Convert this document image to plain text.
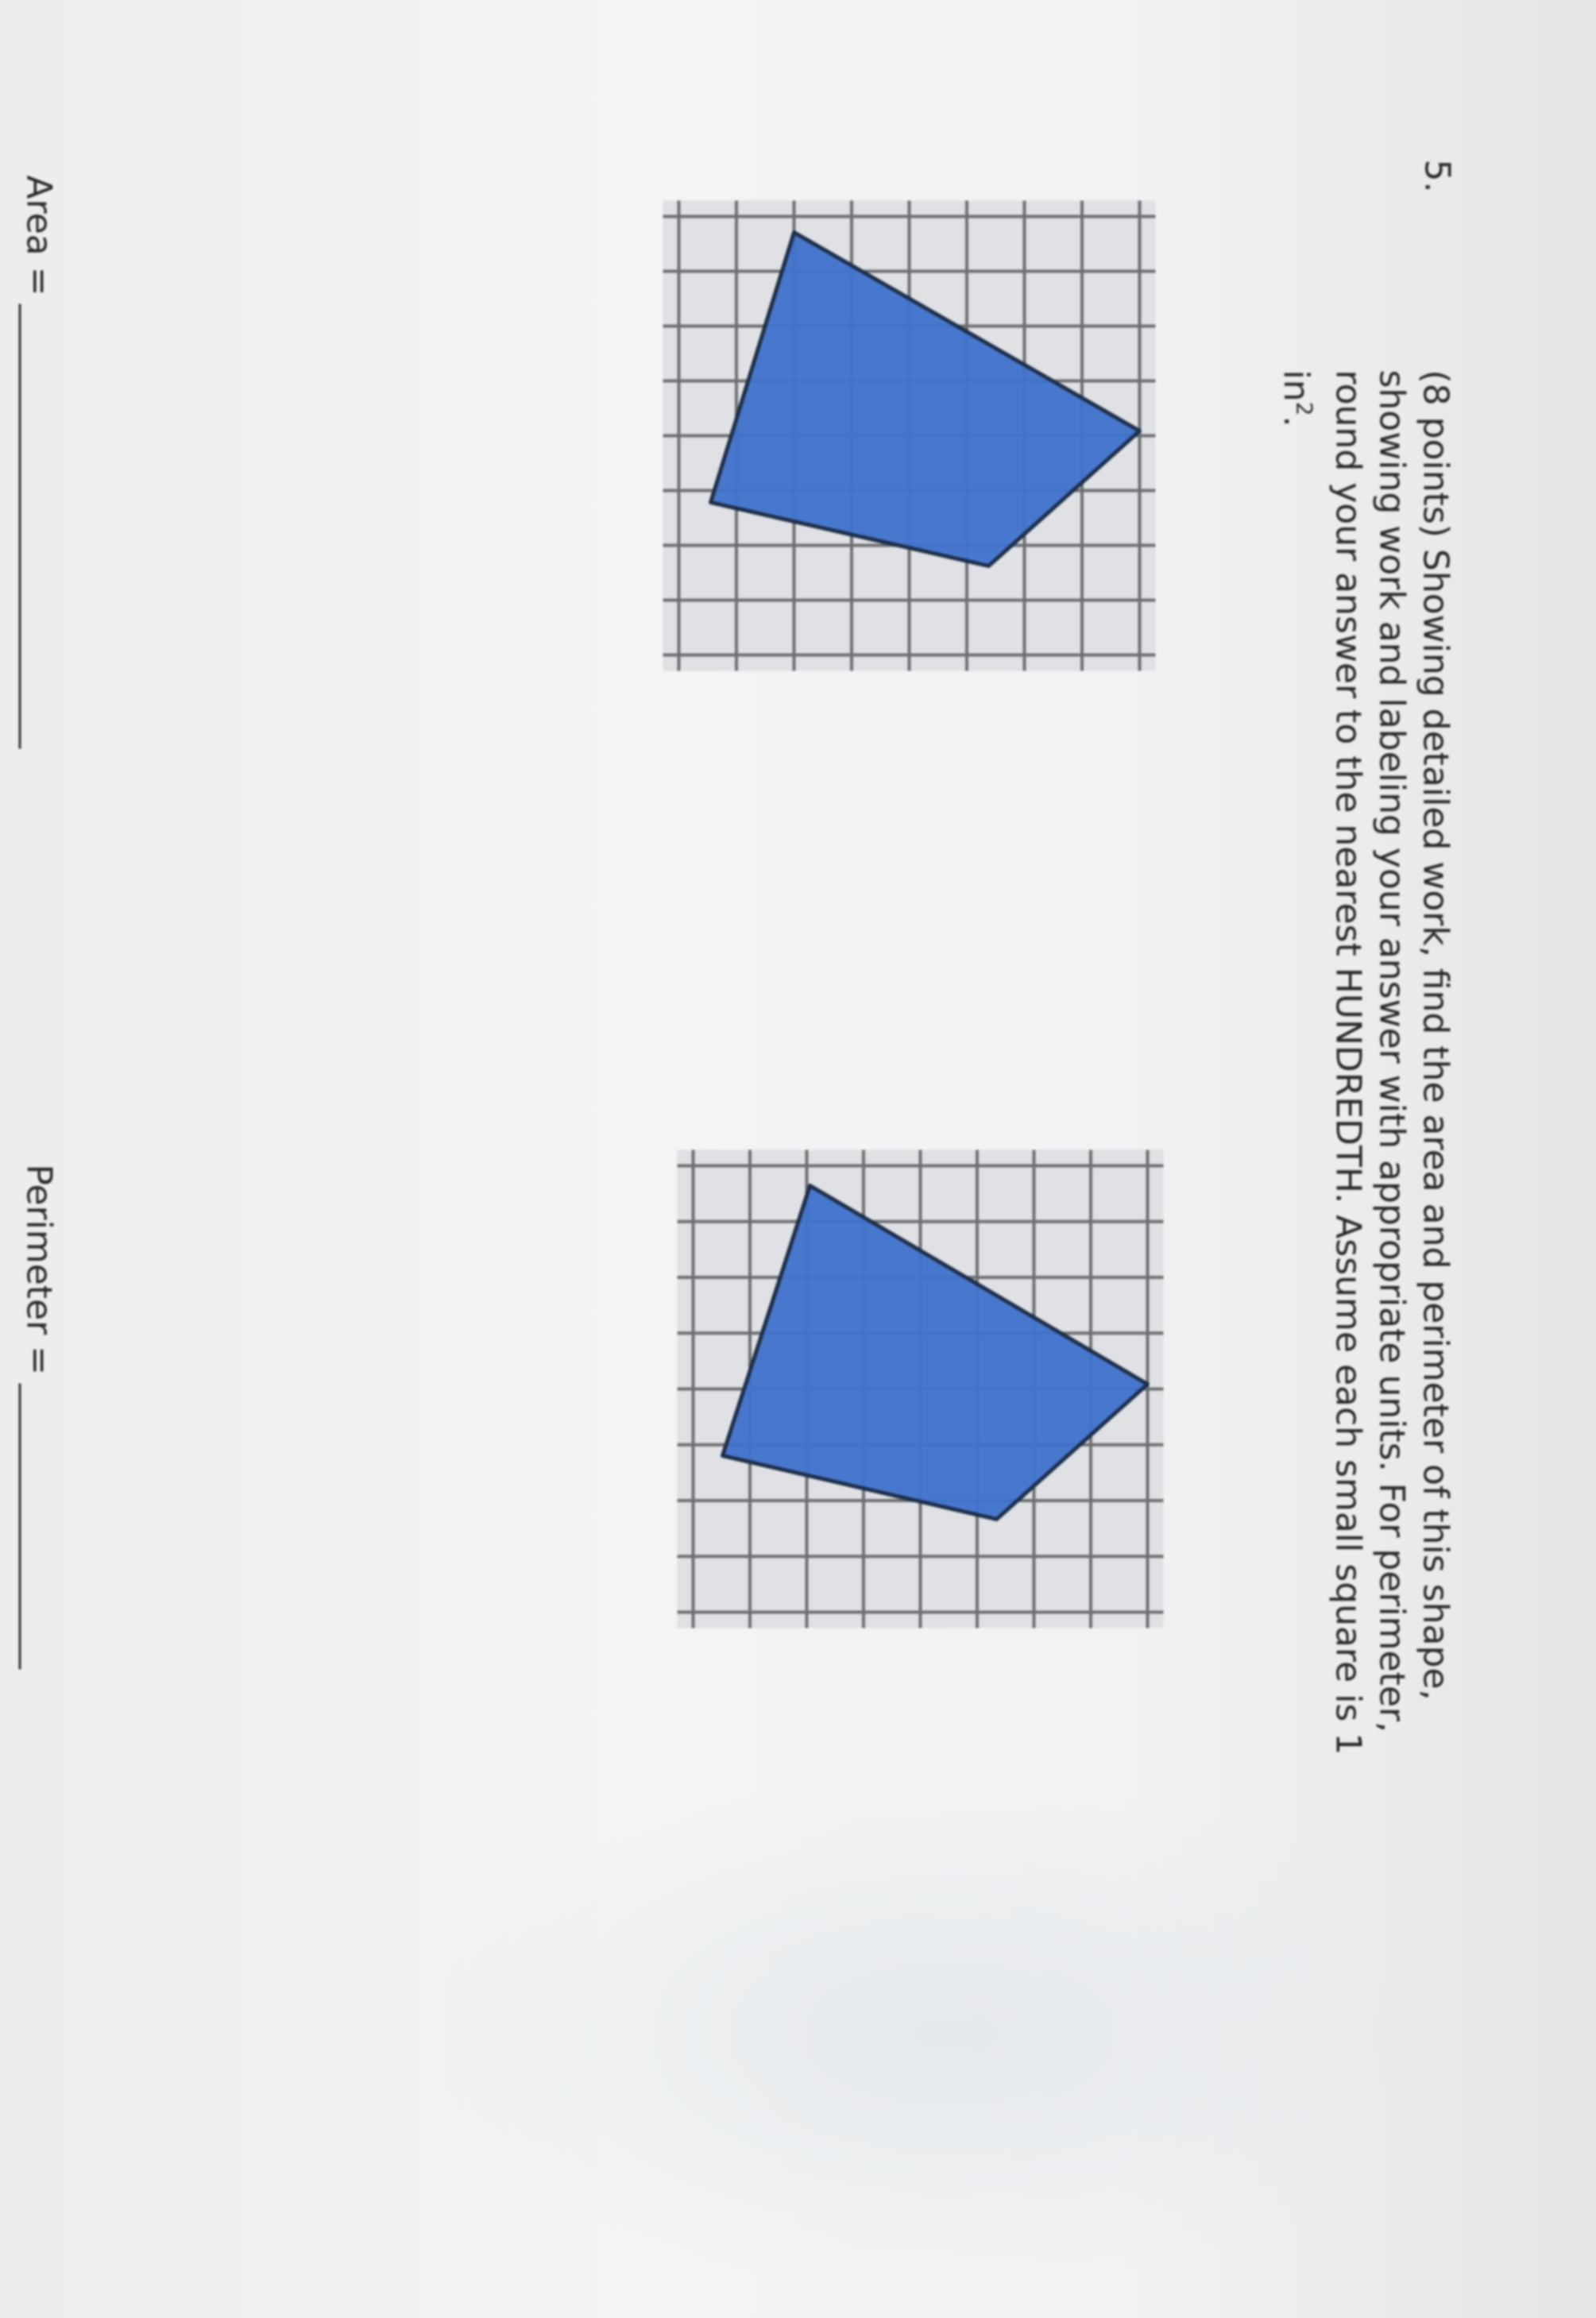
5.
(8 points) Showing detailed work, find the area and perimeter of this shape, showing work and labeling your answer with appropriate units. For perimeter, round your answer to the nearest HUNDREDTH. Assume each small square is 1 $in^2$.
Area =
Perimeter =
